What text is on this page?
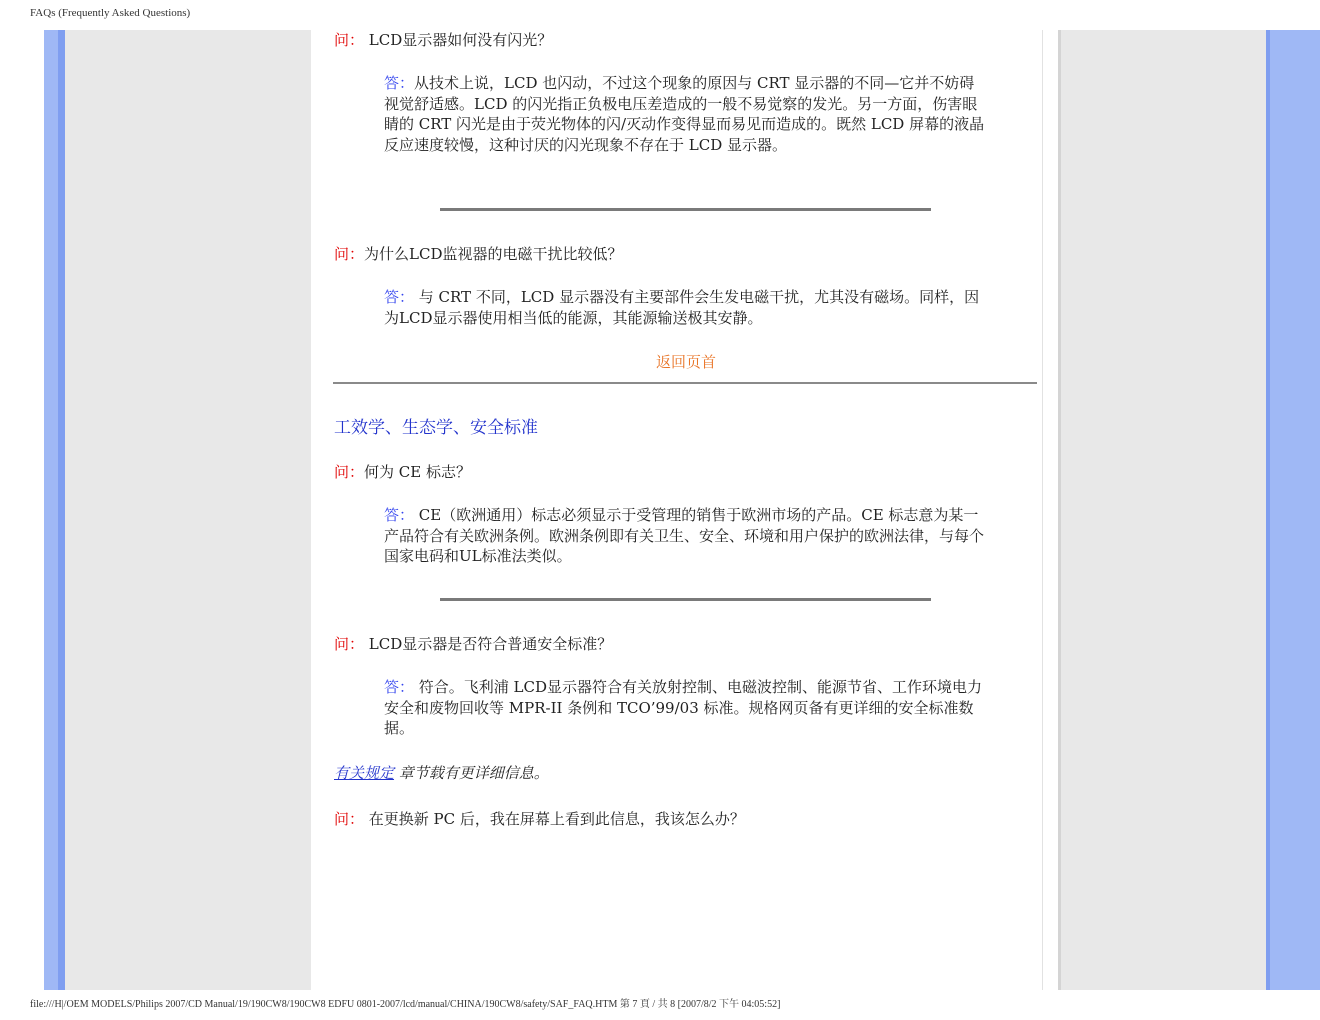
FAQs (Frequently Asked Questions)

问： LCD显示器如何没有闪光？

答：从技术上说，LCD 也闪动，不过这个现象的原因与 CRT 显示器的不同—它并不妨碍视觉舒适感。LCD 的闪光指正负极电压差造成的一般不易觉察的发光。另一方面，伤害眼睛的 CRT 闪光是由于荧光物体的闪/灭动作变得显而易见而造成的。既然 LCD 屏幕的液晶反应速度较慢，这种讨厌的闪光现象不存在于 LCD 显示器。

问：为什么LCD监视器的电磁干扰比较低？

答： 与 CRT 不同，LCD 显示器没有主要部件会生发电磁干扰，尤其没有磁场。同样，因为LCD显示器使用相当低的能源，其能源输送极其安静。
返回页首
工效学、生态学、安全标准

问：何为 CE 标志？

答： CE（欧洲通用）标志必须显示于受管理的销售于欧洲市场的产品。CE 标志意为某一产品符合有关欧洲条例。欧洲条例即有关卫生、安全、环境和用户保护的欧洲法律，与每个国家电码和UL标准法类似。

问： LCD显示器是否符合普通安全标准？

答： 符合。飞利浦 LCD显示器符合有关放射控制、电磁波控制、能源节省、工作环境电力安全和废物回收等 MPR-II 条例和 TCO’99/03 标准。规格网页备有更详细的安全标准数据。
有关规定 章节载有更详细信息。

问： 在更换新 PC 后，我在屏幕上看到此信息，我该怎么办？

file:///H|/OEM MODELS/Philips 2007/CD Manual/19/190CW8/190CW8 EDFU 0801-2007/lcd/manual/CHINA/190CW8/safety/SAF_FAQ.HTM 第 7 頁 / 共 8 [2007/8/2 下午 04:05:52]
